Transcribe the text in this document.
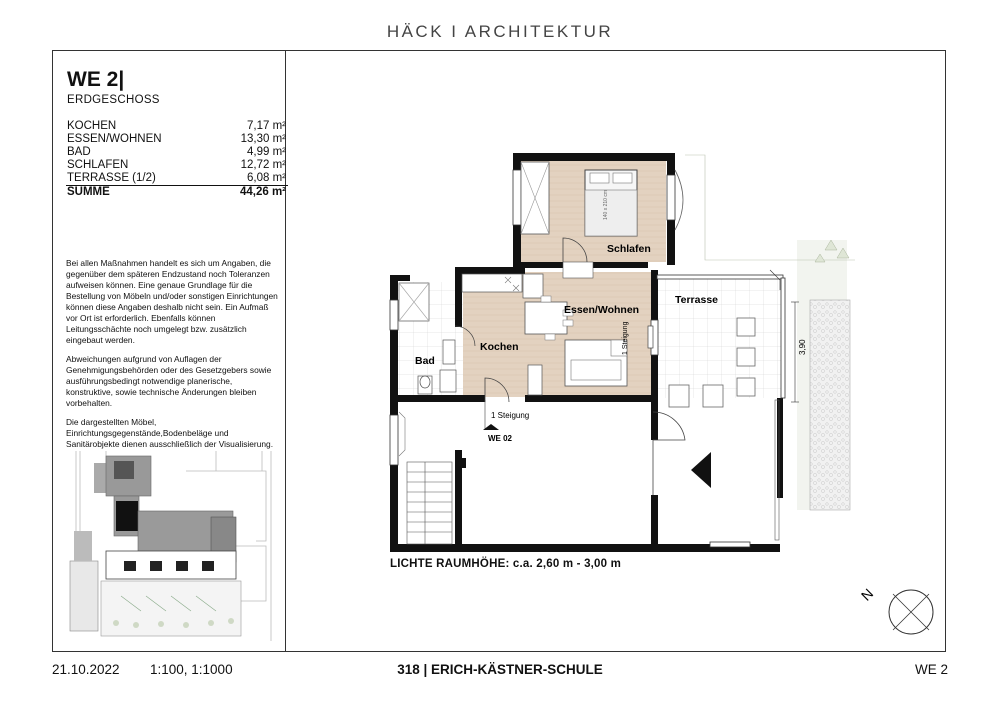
HÄCK I ARCHITEKTUR
WE 2|
ERDGESCHOSS
KOCHEN	7,17 m²
ESSEN/WOHNEN	13,30 m²
BAD	4,99 m²
SCHLAFEN	12,72 m²
TERRASSE (1/2)	6,08 m²
SUMME	44,26 m²

Bei allen Maßnahmen handelt es sich um Angaben, die gegenüber dem späteren Endzustand noch Toleranzen aufweisen können. Eine genaue Grundlage für die Bestellung von Möbeln und/oder sonstigen Einrichtungen können diese Angaben deshalb nicht sein. Ein Aufmaß vor Ort ist erforderlich. Ebenfalls können Leitungsschächte noch umgelegt bzw. zusätzlich eingebaut werden.

Abweichungen aufgrund von Auflagen der Genehmigungsbehörden oder des Gesetzgebers sowie ausführungsbedingt notwendige planerische, konstruktive, sowie technische Änderungen bleiben vorbehalten.

Die dargestellten Möbel, Einrichtungsgegenstände,Bodenbeläge und Sanitärobjekte dienen ausschließlich der Visualisierung.

140 x 210 cm
1 Steigung	3,90
Schlafen
Essen/Wohnen
Kochen
Bad
Terrasse
1 Steigung
WE 02
LICHTE RAUMHÖHE: c.a. 2,60 m - 3,00 m
N
21.10.2022 1:100, 1:1000	318 | ERICH-KÄSTNER-SCHULE	WE 2
